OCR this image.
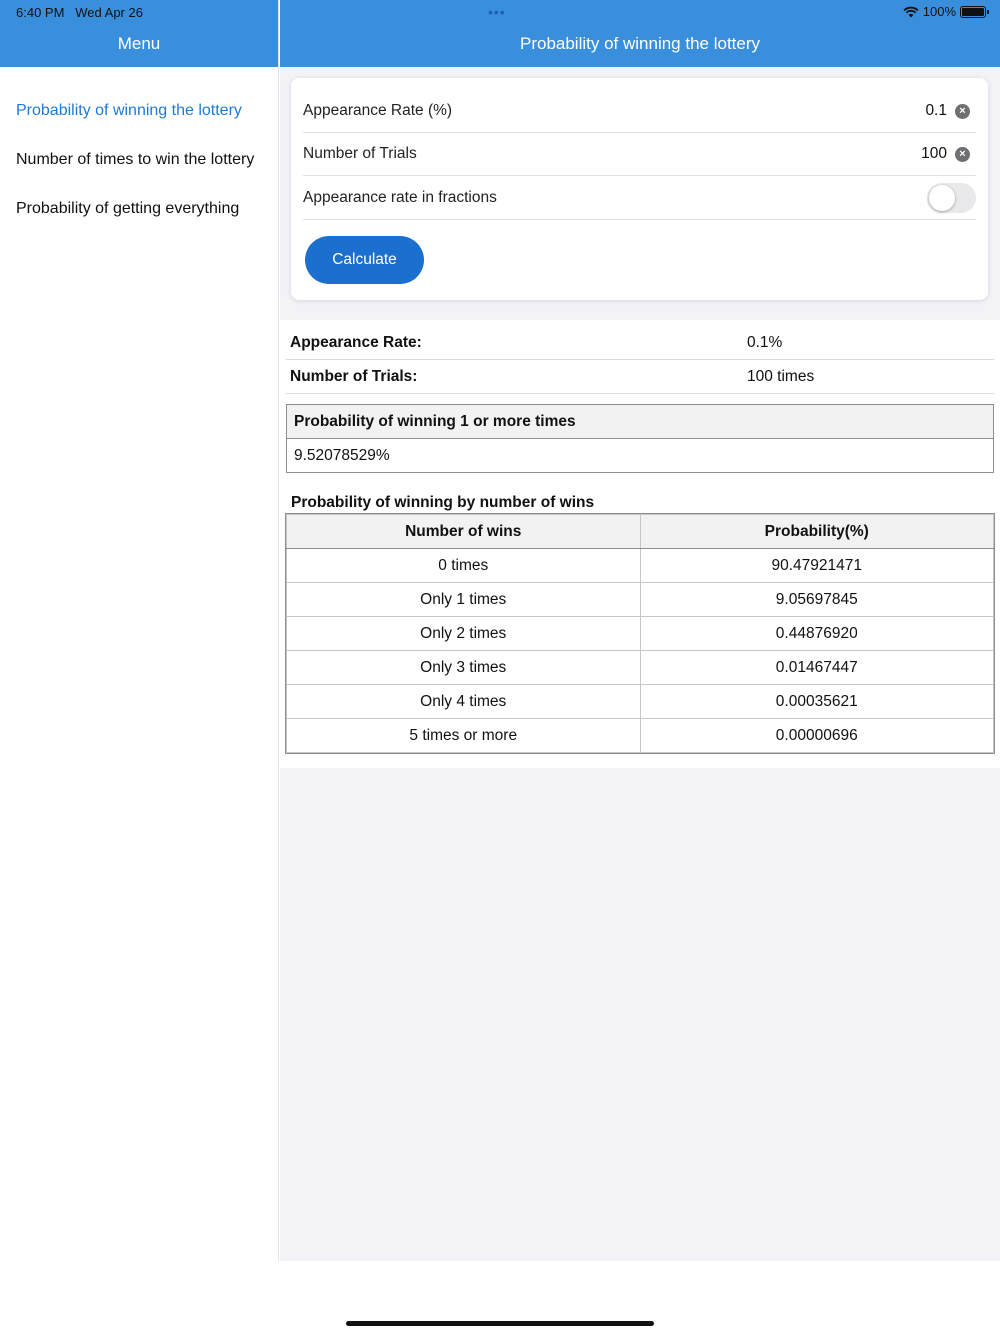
6:40 PM Wed Apr 26	•••	100%
Menu
Probability of winning the lottery
Number of times to win the lottery
Probability of getting everything
Probability of winning the lottery
Appearance Rate (%)	0.1	×
Number of Trials	100	×
Appearance rate in fractions
Calculate
Appearance Rate:	0.1%
Number of Trials:	100 times
Probability of winning 1 or more times
9.52078529%
Probability of winning by number of wins
Number of wins	Probability(%)
0 times	90.47921471
Only 1 times	9.05697845
Only 2 times	0.44876920
Only 3 times	0.01467447
Only 4 times	0.00035621
5 times or more	0.00000696
